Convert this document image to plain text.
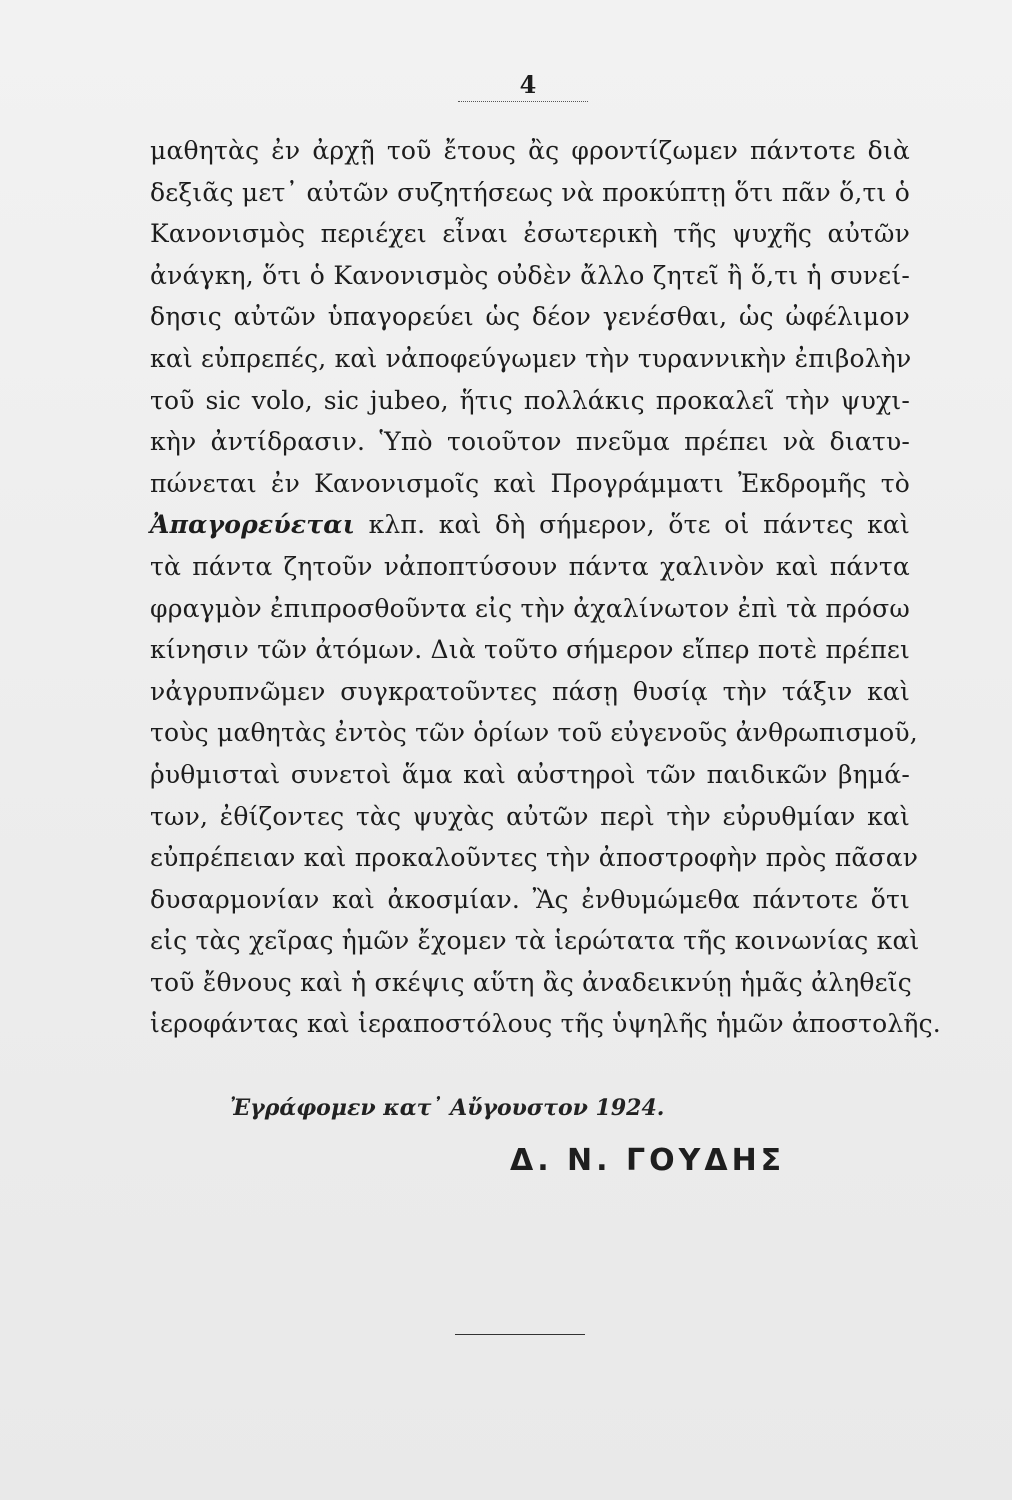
4
μαθητὰς ἐν ἀρχῇ τοῦ ἔτους ἂς φροντίζωμεν πάντοτε διὰ
δεξιᾶς μετ᾽ αὐτῶν συζητήσεως νὰ προκύπτῃ ὅτι πᾶν ὅ,τι ὁ
Κανονισμὸς περιέχει εἶναι ἐσωτερικὴ τῆς ψυχῆς αὐτῶν
ἀνάγκη, ὅτι ὁ Κανονισμὸς οὐδὲν ἄλλο ζητεῖ ἢ ὅ,τι ἡ συνεί-
δησις αὐτῶν ὑπαγορεύει ὡς δέον γενέσθαι, ὡς ὠφέλιμον
καὶ εὐπρεπές, καὶ νἀποφεύγωμεν τὴν τυραννικὴν ἐπιβολὴν
τοῦ sic volo, sic jubeo, ἥτις πολλάκις προκαλεῖ τὴν ψυχι-
κὴν ἀντίδρασιν. Ὑπὸ τοιοῦτον πνεῦμα πρέπει νὰ διατυ-
πώνεται ἐν Κανονισμοῖς καὶ Προγράμματι Ἐκδρομῆς τὸ
Ἀπαγορεύεται κλπ. καὶ δὴ σήμερον, ὅτε οἱ πάντες καὶ
τὰ πάντα ζητοῦν νἀποπτύσουν πάντα χαλινὸν καὶ πάντα
φραγμὸν ἐπιπροσθοῦντα εἰς τὴν ἀχαλίνωτον ἐπὶ τὰ πρόσω
κίνησιν τῶν ἀτόμων. Διὰ τοῦτο σήμερον εἴπερ ποτὲ πρέπει
νἀγρυπνῶμεν συγκρατοῦντες πάσῃ θυσίᾳ τὴν τάξιν καὶ
τοὺς μαθητὰς ἐντὸς τῶν ὁρίων τοῦ εὐγενοῦς ἀνθρωπισμοῦ,
ῥυθμισταὶ συνετοὶ ἅμα καὶ αὐστηροὶ τῶν παιδικῶν βημά-
των, ἐθίζοντες τὰς ψυχὰς αὐτῶν περὶ τὴν εὐρυθμίαν καὶ
εὐπρέπειαν καὶ προκαλοῦντες τὴν ἀποστροφὴν πρὸς πᾶσαν
δυσαρμονίαν καὶ ἀκοσμίαν. Ἂς ἐνθυμώμεθα πάντοτε ὅτι
εἰς τὰς χεῖρας ἡμῶν ἔχομεν τὰ ἱερώτατα τῆς κοινωνίας καὶ
τοῦ ἔθνους καὶ ἡ σκέψις αὕτη ἂς ἀναδεικνύῃ ἡμᾶς ἀληθεῖς
ἱεροφάντας καὶ ἱεραποστόλους τῆς ὑψηλῆς ἡμῶν ἀποστολῆς.
Ἐγράφομεν κατ᾽ Αὔγουστον 1924.
Δ. Ν. ΓΟΥΔΗΣ
